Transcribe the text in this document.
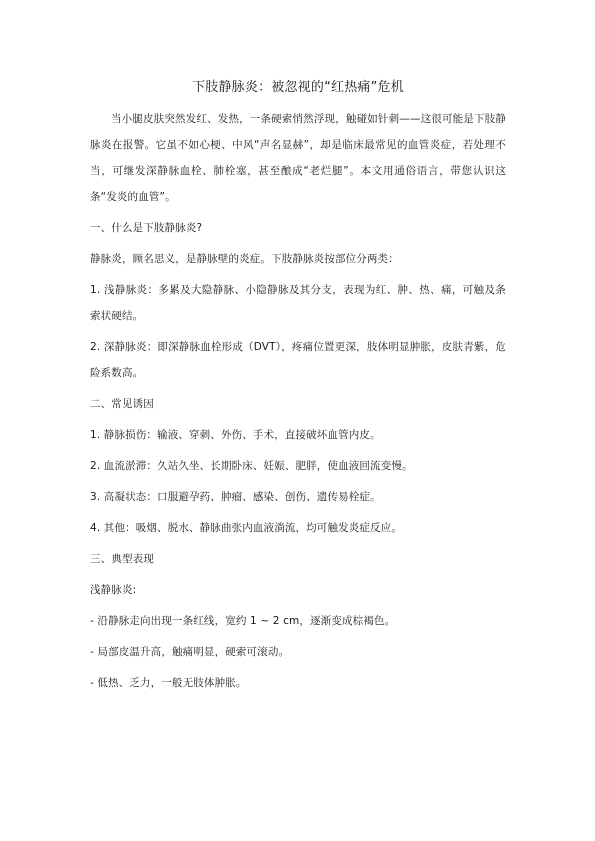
下肢静脉炎：被忽视的“红热痛”危机

当小腿皮肤突然发红、发热，一条硬索悄然浮现，触碰如针刺——这很可能是下肢静脉炎在报警。它虽不如心梗、中风“声名显赫”，却是临床最常见的血管炎症，若处理不当，可继发深静脉血栓、肺栓塞，甚至酿成“老烂腿”。本文用通俗语言，带您认识这条“发炎的血管”。

一、什么是下肢静脉炎?

静脉炎，顾名思义，是静脉壁的炎症。下肢静脉炎按部位分两类：

1. 浅静脉炎：多累及大隐静脉、小隐静脉及其分支，表现为红、肿、热、痛，可触及条索状硬结。

2. 深静脉炎：即深静脉血栓形成（DVT），疼痛位置更深，肢体明显肿胀，皮肤青紫，危险系数高。

二、常见诱因

1. 静脉损伤：输液、穿刺、外伤、手术，直接破坏血管内皮。

2. 血流淤滞：久站久坐、长期卧床、妊娠、肥胖，使血液回流变慢。

3. 高凝状态：口服避孕药、肿瘤、感染、创伤、遗传易栓症。

4. 其他：吸烟、脱水、静脉曲张内血液淌流，均可触发炎症反应。

三、典型表现

浅静脉炎:

- 沿静脉走向出现一条红线，宽约 1 ~ 2 cm，逐渐变成棕褐色。

- 局部皮温升高，触痛明显，硬索可滚动。

- 低热、乏力，一般无肢体肿胀。
